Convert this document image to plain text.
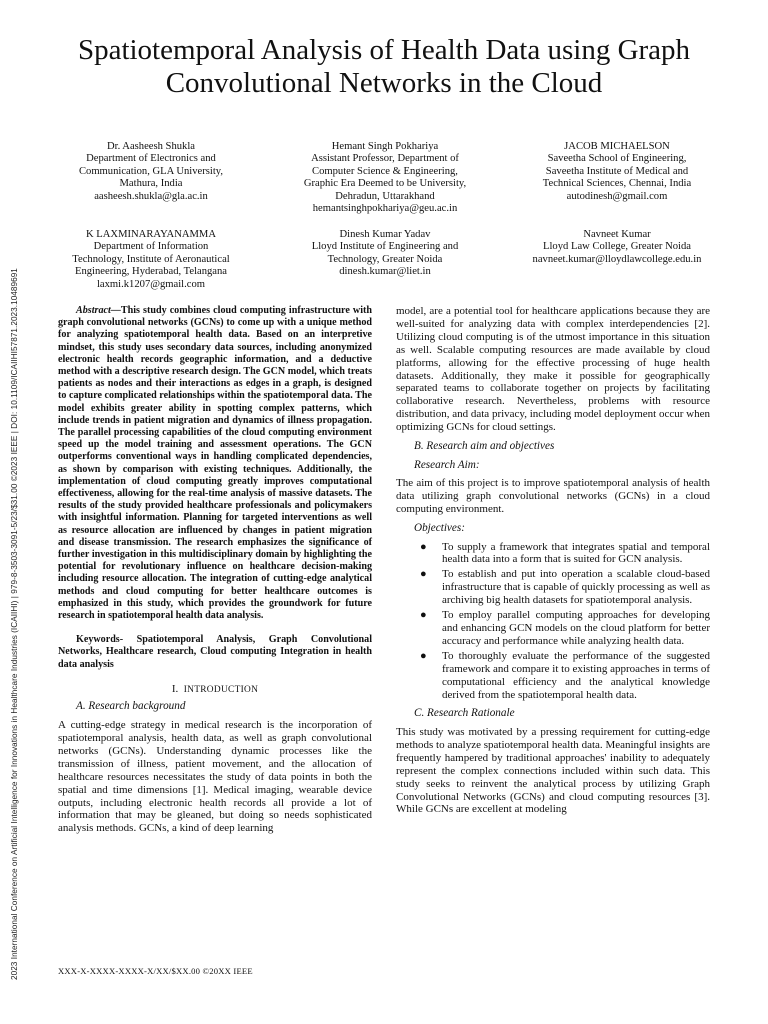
2023 International Conference on Artificial Intelligence for Innovations in Healthcare Industries (ICAIIHI) | 979-8-3503-3091-5/23/$31.00 ©2023 IEEE | DOI: 10.1109/ICAIIHI57871.2023.10489691
Spatiotemporal Analysis of Health Data using Graph Convolutional Networks in the Cloud
Dr. Aasheesh Shukla
Department of Electronics and
Communication, GLA University,
Mathura, India
aasheesh.shukla@gla.ac.in
Hemant Singh Pokhariya
Assistant Professor, Department of
Computer Science & Engineering,
Graphic Era Deemed to be University,
Dehradun, Uttarakhand
hemantsinghpokhariya@geu.ac.in
JACOB MICHAELSON
Saveetha School of Engineering,
Saveetha Institute of Medical and
Technical Sciences, Chennai, India
autodinesh@gmail.com
K LAXMINARAYANAMMA
Department of Information
Technology, Institute of Aeronautical
Engineering, Hyderabad, Telangana
laxmi.k1207@gmail.com
Dinesh Kumar Yadav
Lloyd Institute of Engineering and
Technology, Greater Noida
dinesh.kumar@liet.in
Navneet Kumar
Lloyd Law College, Greater Noida
navneet.kumar@lloydlawcollege.edu.in

Abstract—This study combines cloud computing infrastructure with graph convolutional networks (GCNs) to come up with a unique method for analyzing spatiotemporal health data. Based on an interpretive mindset, this study uses secondary data sources, including anonymized electronic health records geographic information, and a deductive method with a descriptive research design. The GCN model, which treats patients as nodes and their interactions as edges in a graph, is designed to capture complicated relationships within the spatiotemporal data. The model exhibits greater ability in spotting complex patterns, which include trends in patient migration and dynamics of illness propagation. The parallel processing capabilities of the cloud computing environment speed up the model training and assessment operations. The GCN outperforms conventional ways in handling complicated dependencies, as shown by comparison with existing techniques. Additionally, the implementation of cloud computing greatly improves computational effectiveness, allowing for the real-time analysis of massive datasets. The results of the study provided healthcare professionals and policymakers with insightful information. Planning for targeted interventions as well as resource allocation are influenced by changes in patient migration and disease transmission. The research emphasizes the significance of further investigation in this multidisciplinary domain by highlighting the potential for revolutionary influence on healthcare decision-making including resource allocation. The integration of cutting-edge analytical methods and cloud computing for better healthcare outcomes is emphasized in this study, which provides the groundwork for future research in spatiotemporal health data analysis.

Keywords- Spatiotemporal Analysis, Graph Convolutional Networks, Healthcare research, Cloud computing Integration in health data analysis

I. INTRODUCTION
A. Research background

A cutting-edge strategy in medical research is the incorporation of spatiotemporal analysis, health data, as well as graph convolutional networks (GCNs). Understanding dynamic processes like the transmission of illness, patient movement, and the allocation of healthcare resources necessitates the study of data points in both the spatial and time dimensions [1]. Medical imaging, wearable device outputs, including electronic health records all provide a lot of information that may be gleaned, but doing so needs sophisticated analysis methods. GCNs, a kind of deep learning

model, are a potential tool for healthcare applications because they are well-suited for analyzing data with complex interdependencies [2]. Utilizing cloud computing is of the utmost importance in this situation as well. Scalable computing resources are made available by cloud platforms, allowing for the effective processing of huge health datasets. Additionally, they make it possible for geographically separated teams to collaborate together on projects by facilitating collaborative research. Nevertheless, problems with resource distribution, and data privacy, including model deployment occur when optimizing GCNs for cloud settings.

B. Research aim and objectives
Research Aim:

The aim of this project is to improve spatiotemporal analysis of health data utilizing graph convolutional networks (GCNs) in a cloud computing environment.

Objectives:
● To supply a framework that integrates spatial and temporal health data into a form that is suited for GCN analysis.
● To establish and put into operation a scalable cloud-based infrastructure that is capable of quickly processing as well as archiving big health datasets for spatiotemporal analysis.
● To employ parallel computing approaches for developing and enhancing GCN models on the cloud platform for better accuracy and performance while analyzing health data.
● To thoroughly evaluate the performance of the suggested framework and compare it to existing approaches in terms of computational efficiency and the analytical knowledge derived from the spatiotemporal health data.
C. Research Rationale

This study was motivated by a pressing requirement for cutting-edge methods to analyze spatiotemporal health data. Meaningful insights are frequently hampered by traditional approaches' inability to adequately represent the complex connections included within such data. This study seeks to reinvent the analytical process by utilizing Graph Convolutional Networks (GCNs) and cloud computing resources [3]. While GCNs are excellent at modeling

XXX-X-XXXX-XXXX-X/XX/$XX.00 ©20XX IEEE
